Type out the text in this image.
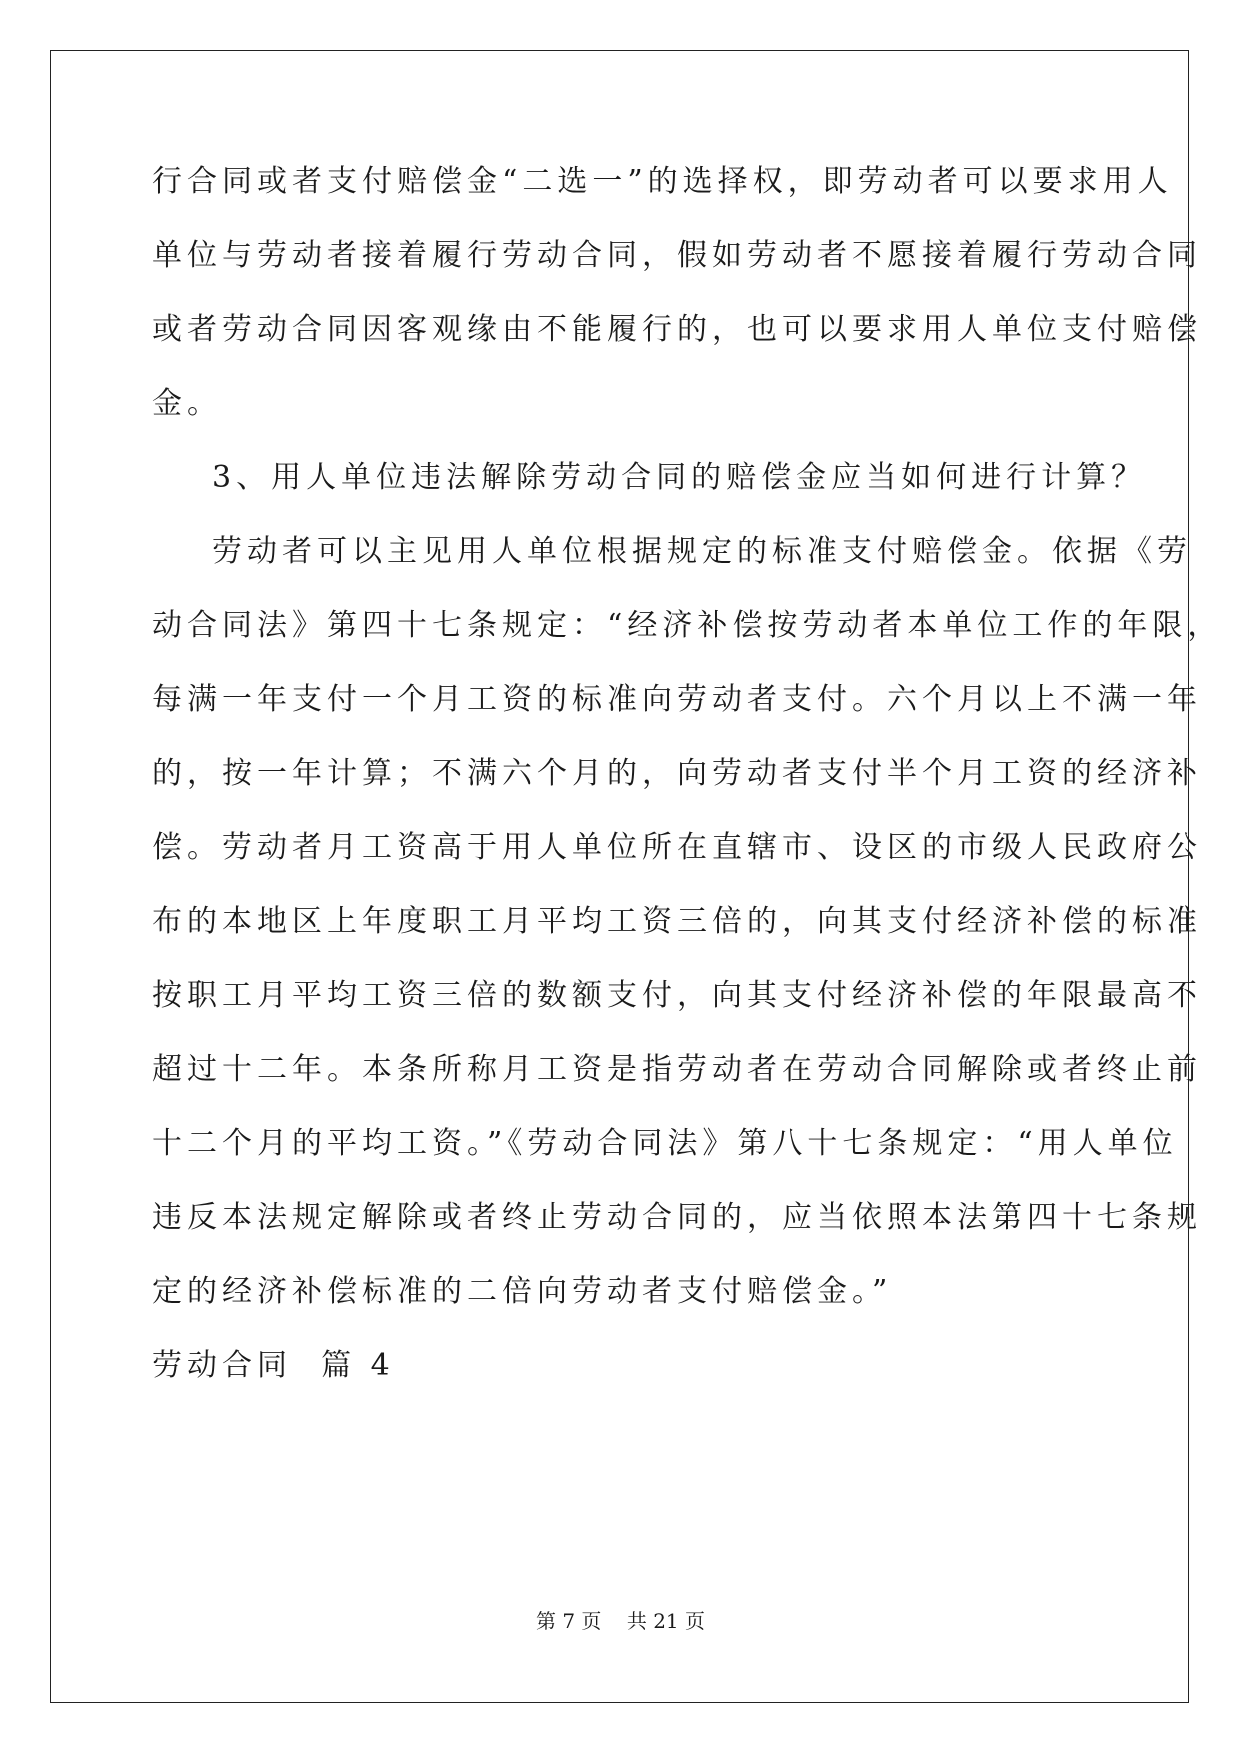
行合同或者支付赔偿金“二选一”的选择权，即劳动者可以要求用人
单位与劳动者接着履行劳动合同，假如劳动者不愿接着履行劳动合同
或者劳动合同因客观缘由不能履行的，也可以要求用人单位支付赔偿
金。
3、用人单位违法解除劳动合同的赔偿金应当如何进行计算？
劳动者可以主见用人单位根据规定的标准支付赔偿金。依据《劳
动合同法》第四十七条规定：“经济补偿按劳动者本单位工作的年限，
每满一年支付一个月工资的标准向劳动者支付。六个月以上不满一年
的，按一年计算；不满六个月的，向劳动者支付半个月工资的经济补
偿。劳动者月工资高于用人单位所在直辖市、设区的市级人民政府公
布的本地区上年度职工月平均工资三倍的，向其支付经济补偿的标准
按职工月平均工资三倍的数额支付，向其支付经济补偿的年限最高不
超过十二年。本条所称月工资是指劳动者在劳动合同解除或者终止前
十二个月的平均工资。”《劳动合同法》第八十七条规定：“用人单位
违反本法规定解除或者终止劳动合同的，应当依照本法第四十七条规
定的经济补偿标准的二倍向劳动者支付赔偿金。”
劳动合同  篇 4
第 7 页    共 21 页
